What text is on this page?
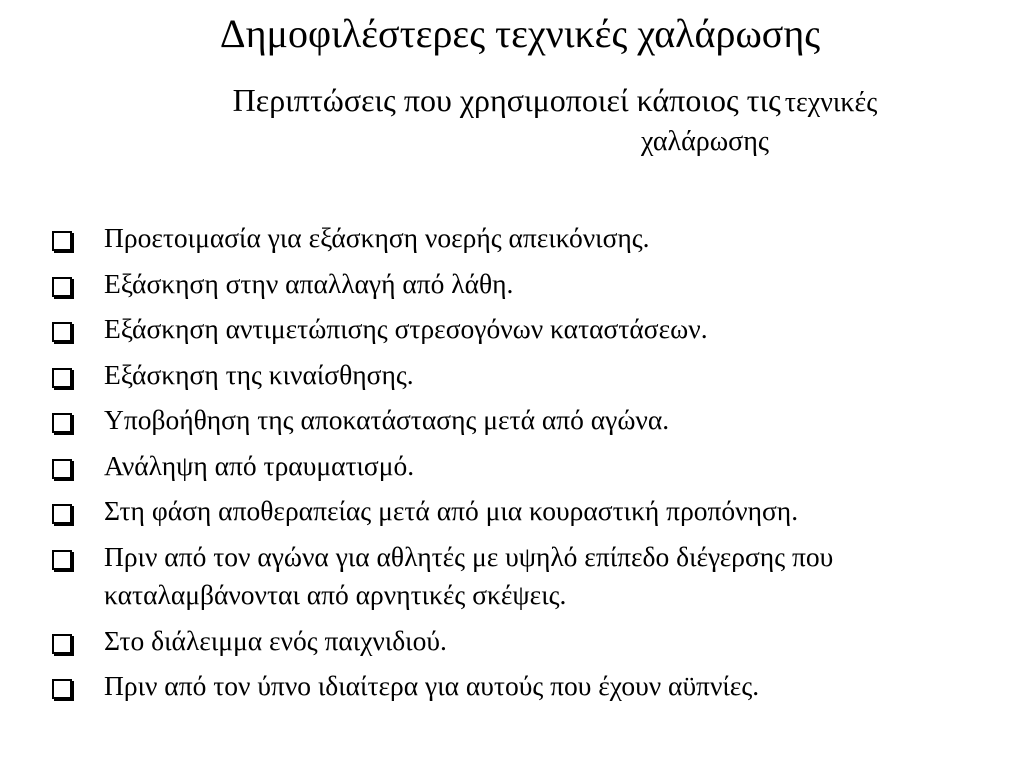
Δημοφιλέστερες τεχνικές χαλάρωσης
Περιπτώσεις που χρησιμοποιεί κάποιος τις τεχνικές
χαλάρωσης
Προετοιμασία για εξάσκηση νοερής απεικόνισης.
Εξάσκηση στην απαλλαγή από λάθη.
Εξάσκηση αντιμετώπισης στρεσογόνων καταστάσεων.
Εξάσκηση της κιναίσθησης.
Υποβοήθηση της αποκατάστασης μετά από αγώνα.
Ανάληψη από τραυματισμό.
Στη φάση αποθεραπείας μετά από μια κουραστική προπόνηση.
Πριν από τον αγώνα για αθλητές με υψηλό επίπεδο διέγερσης που καταλαμβάνονται από αρνητικές σκέψεις.
Στο διάλειμμα ενός παιχνιδιού.
Πριν από τον ύπνο ιδιαίτερα για αυτούς που έχουν αϋπνίες.
